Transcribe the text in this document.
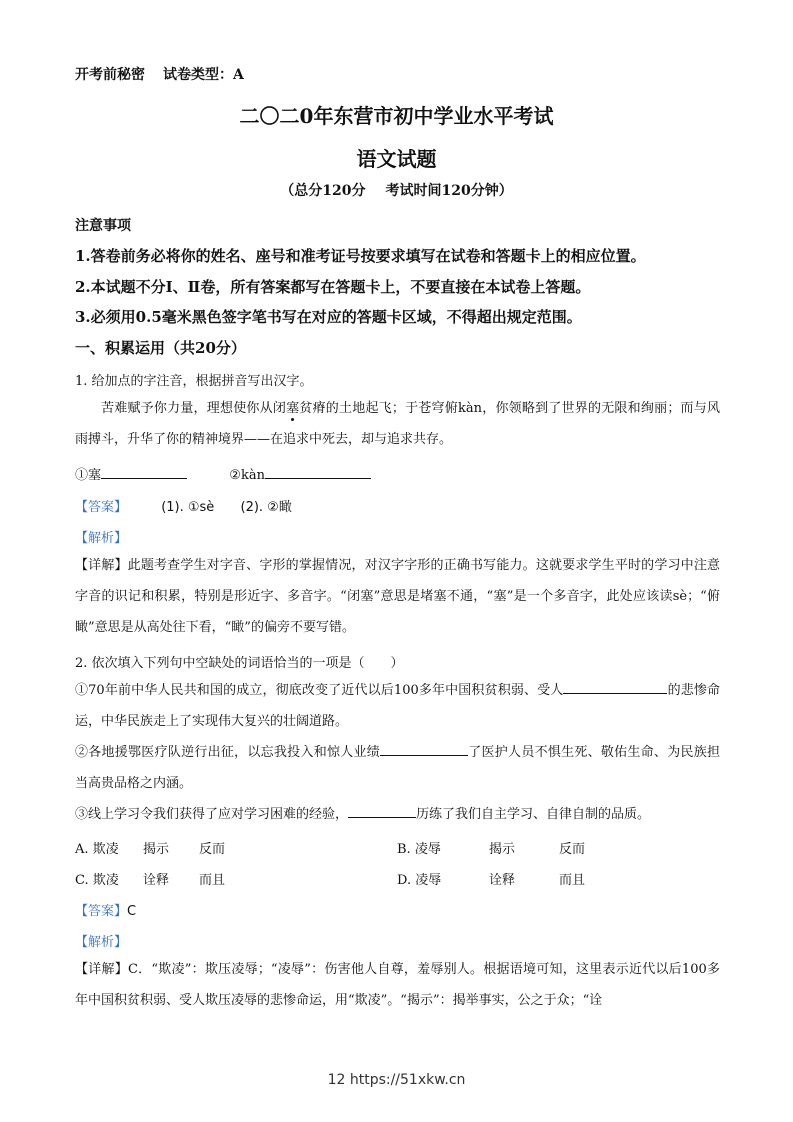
开考前秘密 试卷类型：A
二〇二0年东营市初中学业水平考试
语文试题
（总分120分 考试时间120分钟）
注意事项
1.答卷前务必将你的姓名、座号和准考证号按要求填写在试卷和答题卡上的相应位置。
2.本试题不分Ⅰ、Ⅱ卷，所有答案都写在答题卡上，不要直接在本试卷上答题。
3.必须用0.5毫米黑色签字笔书写在对应的答题卡区域，不得超出规定范围。
一、积累运用（共20分）
1. 给加点的字注音，根据拼音写出汉字。
苦难赋予你力量，理想使你从闭塞贫瘠的土地起飞；于苍穹俯kàn，你领略到了世界的无限和绚丽；而与风雨搏斗，升华了你的精神境界——在追求中死去，却与追求共存。
①塞	②kàn
【答案】	(1). ①sè (2). ②瞰
【解析】
【详解】此题考查学生对字音、字形的掌握情况，对汉字字形的正确书写能力。这就要求学生平时的学习中注意字音的识记和积累，特别是形近字、多音字。“闭塞”意思是堵塞不通，“塞”是一个多音字，此处应该读sè；“俯瞰”意思是从高处往下看，“瞰”的偏旁不要写错。
2. 依次填入下列句中空缺处的词语恰当的一项是（　　）
①70年前中华人民共和国的成立，彻底改变了近代以后100多年中国积贫积弱、受人	的悲惨命运，中华民族走上了实现伟大复兴的壮阔道路。
②各地援鄂医疗队逆行出征，以忘我投入和惊人业绩	了医护人员不惧生死、敬佑生命、为民族担当高贵品格之内涵。
③线上学习令我们获得了应对学习困难的经验，	历练了我们自主学习、自律自制的品质。
A. 欺凌 揭示 反而	B. 凌辱	揭示	反而
C. 欺凌 诠释 而且	D. 凌辱	诠释	而且
【答案】C
【解析】
【详解】C．“欺凌”：欺压凌辱；“凌辱”：伤害他人自尊，羞辱别人。根据语境可知，这里表示近代以后100多年中国积贫积弱、受人欺压凌辱的悲惨命运，用“欺凌”。“揭示”：揭举事实，公之于众；“诠
12 https://51xkw.cn
